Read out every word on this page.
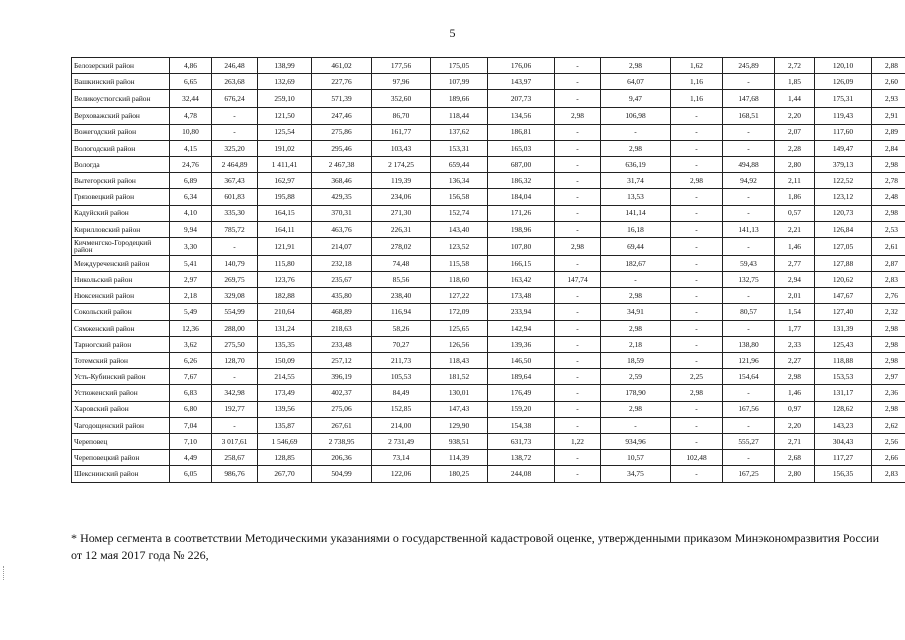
5
Белозерский район	4,86	246,48	138,99	461,02	177,56	175,05	176,06	-	2,98	1,62	245,89	2,72	120,10	2,88
Вашкинский район	6,65	263,68	132,69	227,76	97,96	107,99	143,97	-	64,07	1,16	-	1,85	126,09	2,60
Великоустюгский район	32,44	676,24	259,10	571,39	352,60	189,66	207,73	-	9,47	1,16	147,68	1,44	175,31	2,93
Верховажский район	4,78	-	121,50	247,46	86,70	118,44	134,56	2,98	106,98	-	168,51	2,20	119,43	2,91
Вожегодский район	10,80	-	125,54	275,86	161,77	137,62	186,81	-	-	-	-	2,07	117,60	2,89
Вологодский район	4,15	325,20	191,02	295,46	103,43	153,31	165,03	-	2,98	-	-	2,28	149,47	2,84
Вологда	24,76	2 464,89	1 411,41	2 467,38	2 174,25	659,44	687,00	-	636,19	-	494,88	2,80	379,13	2,98
Вытегорский район	6,89	367,43	162,97	368,46	119,39	136,34	186,32	-	31,74	2,98	94,92	2,11	122,52	2,78
Грязовецкий район	6,34	601,83	195,88	429,35	234,06	156,58	184,04	-	13,53	-	-	1,86	123,12	2,48
Кадуйский район	4,10	335,30	164,15	370,31	271,30	152,74	171,26	-	141,14	-	-	0,57	120,73	2,98
Кирилловский район	9,94	785,72	164,11	463,76	226,31	143,40	198,96	-	16,18	-	141,13	2,21	126,84	2,53
Кичменгско-Городецкий район	3,30	-	121,91	214,07	278,02	123,52	107,80	2,98	69,44	-	-	1,46	127,05	2,61
Междуреченский район	5,41	140,79	115,80	232,18	74,48	115,58	166,15	-	182,67	-	59,43	2,77	127,88	2,87
Никольский район	2,97	269,75	123,76	235,67	85,56	118,60	163,42	147,74	-	-	132,75	2,94	120,62	2,83
Нюксенский район	2,18	329,08	182,88	435,80	238,40	127,22	173,48	-	2,98	-	-	2,01	147,67	2,76
Сокольский район	5,49	554,99	210,64	468,89	116,94	172,09	233,94	-	34,91	-	80,57	1,54	127,40	2,32
Сямженский район	12,36	288,00	131,24	218,63	58,26	125,65	142,94	-	2,98	-	-	1,77	131,39	2,98
Тарногский район	3,62	275,50	135,35	233,48	70,27	126,56	139,36	-	2,18	-	138,80	2,33	125,43	2,98
Тотемский район	6,26	128,70	150,09	257,12	211,73	118,43	146,50	-	18,59	-	121,96	2,27	118,88	2,98
Усть-Кубинский район	7,67	-	214,55	396,19	105,53	181,52	189,64	-	2,59	2,25	154,64	2,98	153,53	2,97
Устюженский район	6,83	342,98	173,49	402,37	84,49	130,01	176,49	-	178,90	2,98	-	1,46	131,17	2,36
Харовский район	6,80	192,77	139,56	275,06	152,85	147,43	159,20	-	2,98	-	167,56	0,97	128,62	2,98
Чагодощенский район	7,04	-	135,87	267,61	214,00	129,90	154,38	-	-	-	-	2,20	143,23	2,62
Череповец	7,10	3 017,61	1 546,69	2 738,95	2 731,49	938,51	631,73	1,22	934,96	-	555,27	2,71	304,43	2,56
Череповецкий район	4,49	258,67	128,85	206,36	73,14	114,39	138,72	-	10,57	102,48	-	2,68	117,27	2,66
Шекснинский район	6,05	986,76	267,70	504,99	122,06	180,25	244,08	-	34,75	-	167,25	2,80	156,35	2,83
* Номер сегмента в соответствии Методическими указаниями о государственной кадастровой оценке, утвержденными приказом Минэкономразвития России от 12 мая 2017 года № 226,
